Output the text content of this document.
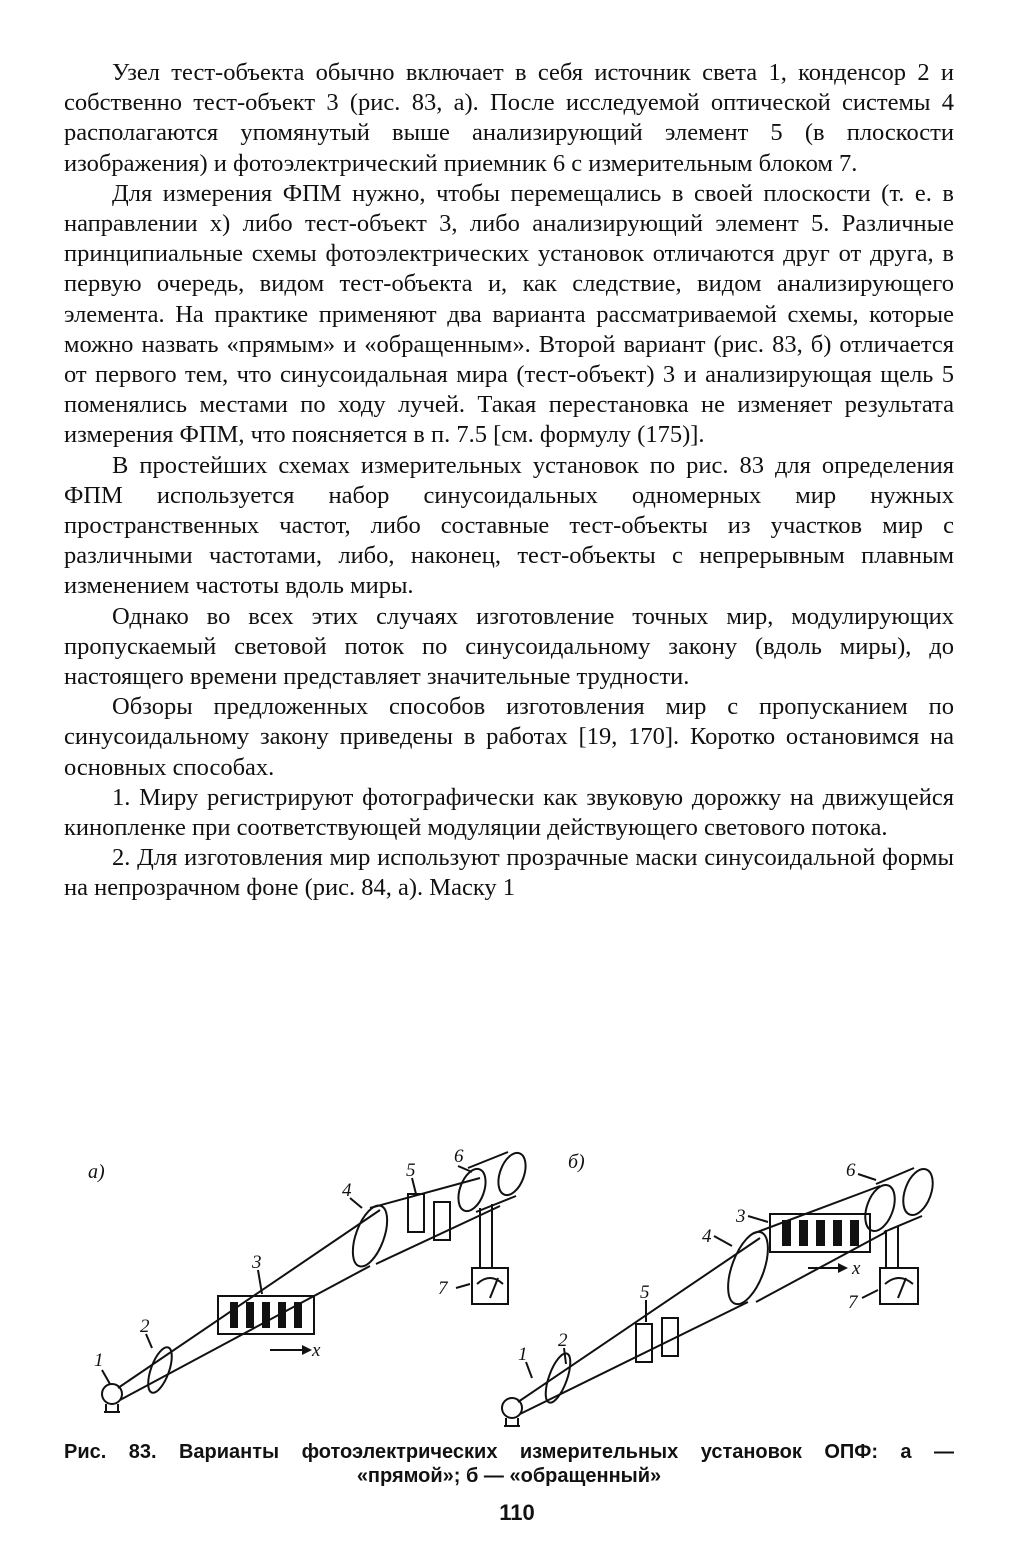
Узел тест-объекта обычно включает в себя источник света 1, конденсор 2 и собственно тест-объект 3 (рис. 83, а). После исследуемой оптической системы 4 располагаются упомянутый выше анализирующий элемент 5 (в плоскости изображения) и фотоэлектрический приемник 6 с измерительным блоком 7.

Для измерения ФПМ нужно, чтобы перемещались в своей плоскости (т. е. в направлении x) либо тест-объект 3, либо анализирующий элемент 5. Различные принципиальные схемы фотоэлектрических установок отличаются друг от друга, в первую очередь, видом тест-объекта и, как следствие, видом анализирующего элемента. На практике применяют два варианта рассматриваемой схемы, которые можно назвать «прямым» и «обращенным». Второй вариант (рис. 83, б) отличается от первого тем, что синусоидальная мира (тест-объект) 3 и анализирующая щель 5 поменялись местами по ходу лучей. Такая перестановка не изменяет результата измерения ФПМ, что поясняется в п. 7.5 [см. формулу (175)].

В простейших схемах измерительных установок по рис. 83 для определения ФПМ используется набор синусоидальных одномерных мир нужных пространственных частот, либо составные тест-объекты из участков мир с различными частотами, либо, наконец, тест-объекты с непрерывным плавным изменением частоты вдоль миры.

Однако во всех этих случаях изготовление точных мир, модулирующих пропускаемый световой поток по синусоидальному закону (вдоль миры), до настоящего времени представляет значительные трудности.

Обзоры предложенных способов изготовления мир с пропусканием по синусоидальному закону приведены в работах [19, 170]. Коротко остановимся на основных способах.

1. Миру регистрируют фотографически как звуковую дорожку на движущейся кинопленке при соответствующей модуляции действующего светового потока.

2. Для изготовления мир используют прозрачные маски синусоидальной формы на непрозрачном фоне (рис. 84, а). Маску 1

а)	б)
x
x
1
2
3
4
5
6
7
1
2
3
4
5
6
7
Рис. 83. Варианты фотоэлектрических измерительных установок ОПФ: а —
«прямой»; б — «обращенный»
110
